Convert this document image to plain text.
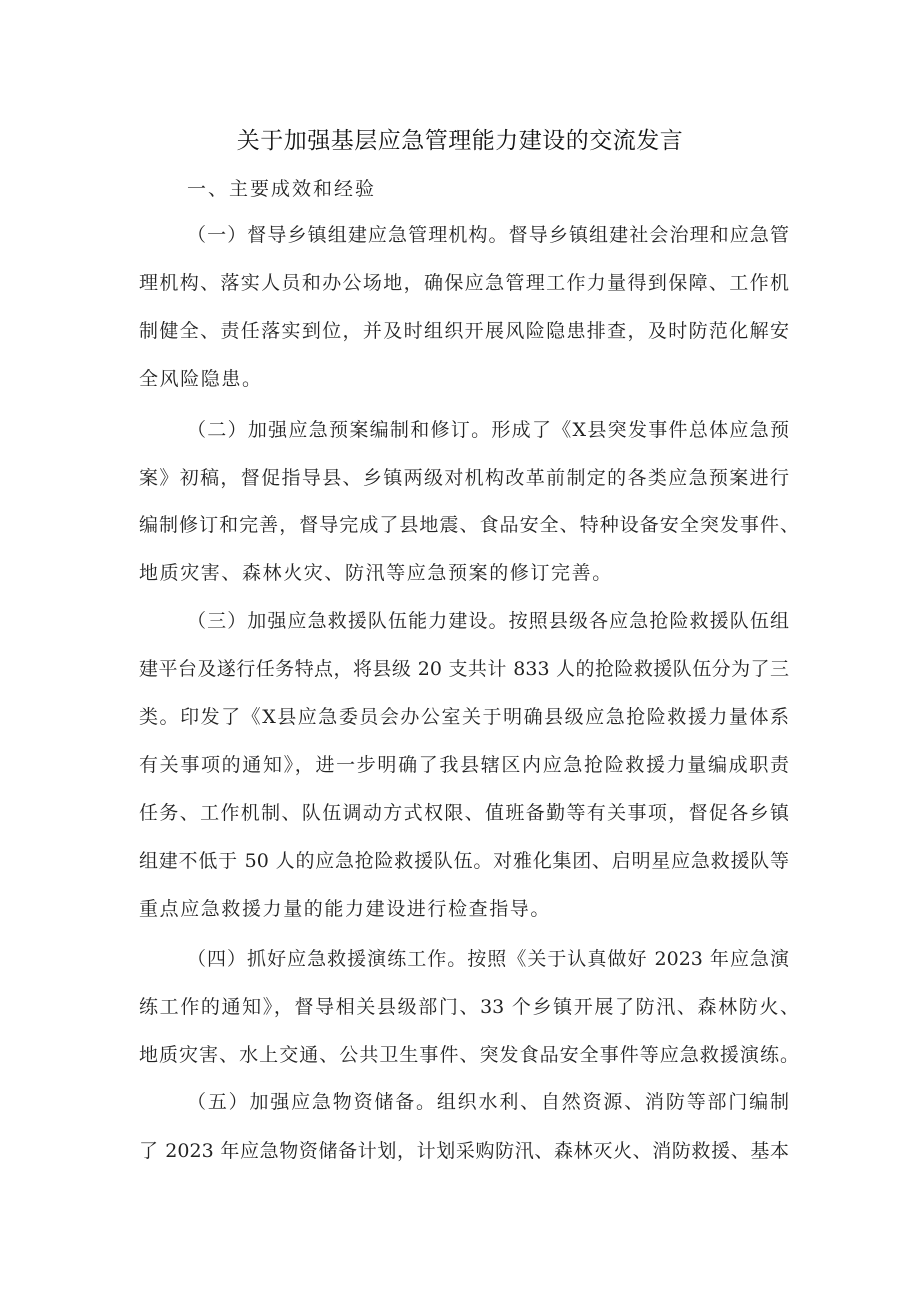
关于加强基层应急管理能力建设的交流发言
一、主要成效和经验
（一）督导乡镇组建应急管理机构。督导乡镇组建社会治理和应急管
理机构、落实人员和办公场地，确保应急管理工作力量得到保障、工作机
制健全、责任落实到位，并及时组织开展风险隐患排查，及时防范化解安
全风险隐患。
（二）加强应急预案编制和修订。形成了《X县突发事件总体应急预
案》初稿，督促指导县、乡镇两级对机构改革前制定的各类应急预案进行
编制修订和完善，督导完成了县地震、食品安全、特种设备安全突发事件、
地质灾害、森林火灾、防汛等应急预案的修订完善。
（三）加强应急救援队伍能力建设。按照县级各应急抢险救援队伍组
建平台及遂行任务特点，将县级 20 支共计 833 人的抢险救援队伍分为了三
类。印发了《X县应急委员会办公室关于明确县级应急抢险救援力量体系
有关事项的通知》，进一步明确了我县辖区内应急抢险救援力量编成职责
任务、工作机制、队伍调动方式权限、值班备勤等有关事项，督促各乡镇
组建不低于 50 人的应急抢险救援队伍。对雅化集团、启明星应急救援队等
重点应急救援力量的能力建设进行检查指导。
（四）抓好应急救援演练工作。按照《关于认真做好 2023 年应急演
练工作的通知》，督导相关县级部门、33 个乡镇开展了防汛、森林防火、
地质灾害、水上交通、公共卫生事件、突发食品安全事件等应急救援演练。
（五）加强应急物资储备。组织水利、自然资源、消防等部门编制
了 2023 年应急物资储备计划，计划采购防汛、森林灭火、消防救援、基本
